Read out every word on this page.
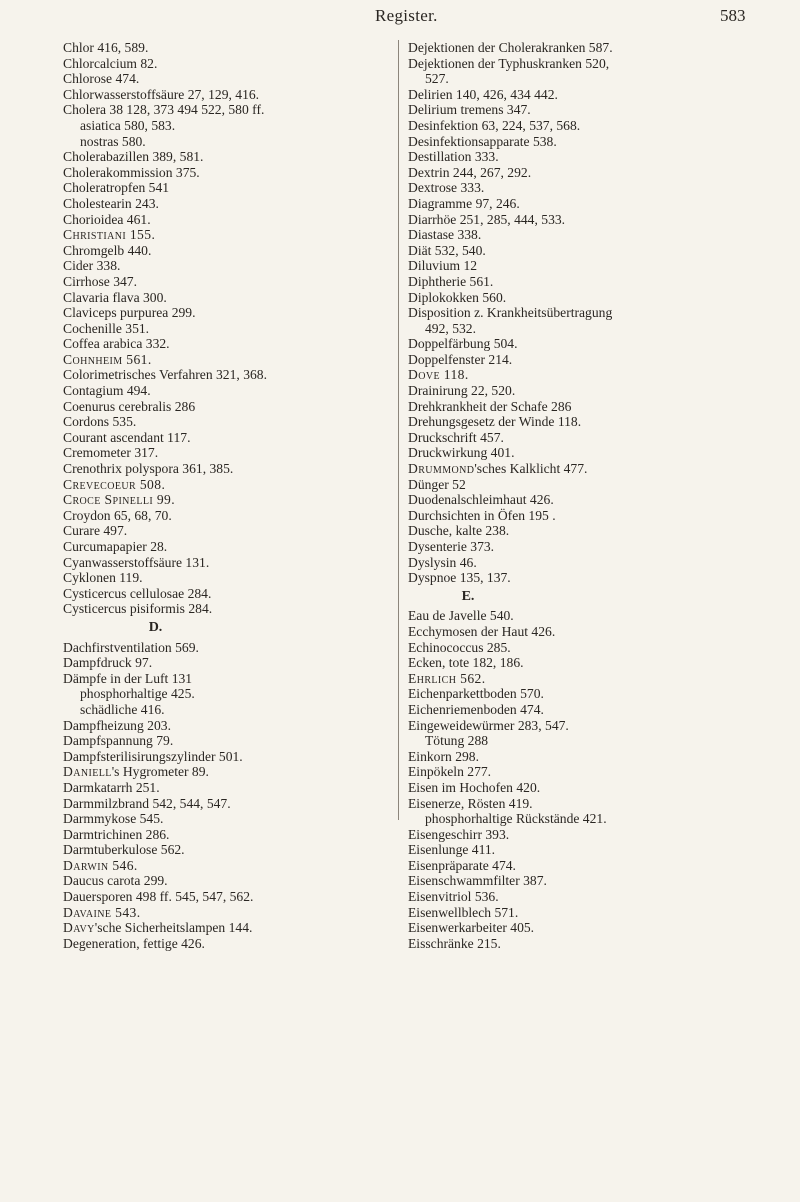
Register.	583
Chlor 416, 589.
Chlorcalcium 82.
Chlorose 474.
Chlorwasserstoffsäure 27, 129, 416.
Cholera 38 128, 373 494 522, 580 ff.
asiatica 580, 583.
nostras 580.
Cholerabazillen 389, 581.
Cholerakommission 375.
Choleratropfen 541
Cholestearin 243.
Chorioidea 461.
Christiani 155.
Chromgelb 440.
Cider 338.
Cirrhose 347.
Clavaria flava 300.
Claviceps purpurea 299.
Cochenille 351.
Coffea arabica 332.
Cohnheim 561.
Colorimetrisches Verfahren 321, 368.
Contagium 494.
Coenurus cerebralis 286
Cordons 535.
Courant ascendant 117.
Cremometer 317.
Crenothrix polyspora 361, 385.
Crevecoeur 508.
Croce Spinelli 99.
Croydon 65, 68, 70.
Curare 497.
Curcumapapier 28.
Cyanwasserstoffsäure 131.
Cyklonen 119.
Cysticercus cellulosae 284.
Cysticercus pisiformis 284.
D.
Dachfirstventilation 569.
Dampfdruck 97.
Dämpfe in der Luft 131
phosphorhaltige 425.
schädliche 416.
Dampfheizung 203.
Dampfspannung 79.
Dampfsterilisirungszylinder 501.
Daniell's Hygrometer 89.
Darmkatarrh 251.
Darmmilzbrand 542, 544, 547.
Darmmykose 545.
Darmtrichinen 286.
Darmtuberkulose 562.
Darwin 546.
Daucus carota 299.
Dauersporen 498 ff. 545, 547, 562.
Davaine 543.
Davy'sche Sicherheitslampen 144.
Degeneration, fettige 426.
Dejektionen der Cholerakranken 587.
Dejektionen der Typhuskranken 520,
527.
Delirien 140, 426, 434 442.
Delirium tremens 347.
Desinfektion 63, 224, 537, 568.
Desinfektionsapparate 538.
Destillation 333.
Dextrin 244, 267, 292.
Dextrose 333.
Diagramme 97, 246.
Diarrhöe 251, 285, 444, 533.
Diastase 338.
Diät 532, 540.
Diluvium 12
Diphtherie 561.
Diplokokken 560.
Disposition z. Krankheitsübertragung
492, 532.
Doppelfärbung 504.
Doppelfenster 214.
Dove 118.
Drainirung 22, 520.
Drehkrankheit der Schafe 286
Drehungsgesetz der Winde 118.
Druckschrift 457.
Druckwirkung 401.
Drummond'sches Kalklicht 477.
Dünger 52
Duodenalschleimhaut 426.
Durchsichten in Öfen 195 .
Dusche, kalte 238.
Dysenterie 373.
Dyslysin 46.
Dyspnoe 135, 137.
E.
Eau de Javelle 540.
Ecchymosen der Haut 426.
Echinococcus 285.
Ecken, tote 182, 186.
Ehrlich 562.
Eichenparkettboden 570.
Eichenriemenboden 474.
Eingeweidewürmer 283, 547.
Tötung 288
Einkorn 298.
Einpökeln 277.
Eisen im Hochofen 420.
Eisenerze, Rösten 419.
phosphorhaltige Rückstände 421.
Eisengeschirr 393.
Eisenlunge 411.
Eisenpräparate 474.
Eisenschwammfilter 387.
Eisenvitriol 536.
Eisenwellblech 571.
Eisenwerkarbeiter 405.
Eisschränke 215.
